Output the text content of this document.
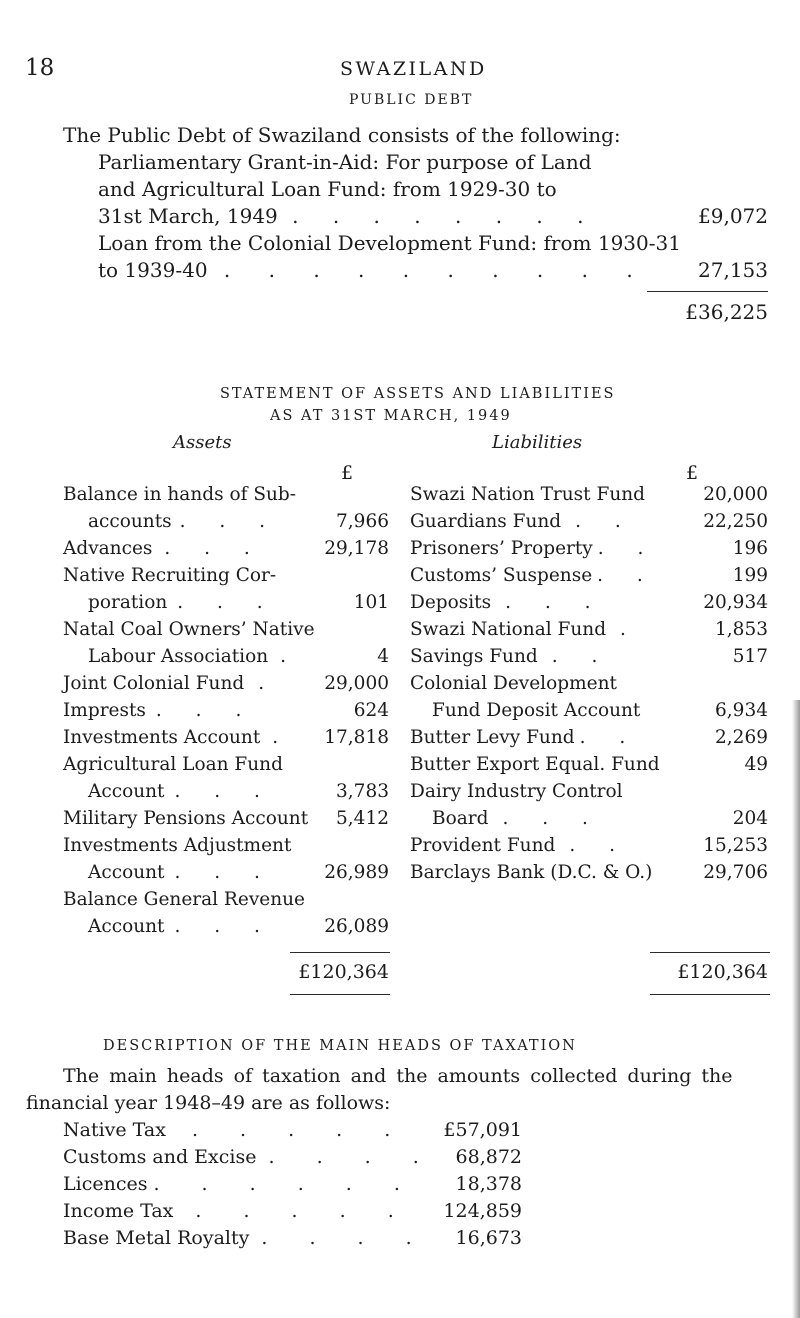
18	SWAZILAND
PUBLIC DEBT
The Public Debt of Swaziland consists of the following:
Parliamentary Grant-in-Aid: For purpose of Land
and Agricultural Loan Fund: from 1929-30 to
31st March, 1949 . . . . . . . .	£9,072
Loan from the Colonial Development Fund: from 1930-31
to 1939-40 . . . . . . . . . .	27,153
£36,225
STATEMENT OF ASSETS AND LIABILITIES
AS AT 31ST MARCH, 1949
Assets	Liabilities
£	£
Balance in hands of Sub-
accounts . . .	7,966
Advances . . .	29,178
Native Recruiting Cor-
poration . . .	101
Natal Coal Owners’ Native
Labour Association .	4
Joint Colonial Fund .	29,000
Imprests . . .	624
Investments Account . 17,818
Agricultural Loan Fund
Account . . .	3,783
Military Pensions Account 5,412
Investments Adjustment
Account . . .	26,989
Balance General Revenue
Account . . .	26,089
Swazi Nation Trust Fund	20,000
Guardians Fund . .	22,250
Prisoners’ Property . .	196
Customs’ Suspense . .	199
Deposits . . .	20,934
Swazi National Fund .	1,853
Savings Fund . .	517
Colonial Development
Fund Deposit Account	6,934
Butter Levy Fund . .	2,269
Butter Export Equal. Fund	49
Dairy Industry Control
Board . . .	204
Provident Fund . .	15,253
Barclays Bank (D.C. & O.)	29,706
£120,364	£120,364
DESCRIPTION OF THE MAIN HEADS OF TAXATION
The main heads of taxation and the amounts collected during the
financial year 1948–49 are as follows:
Native Tax . . . . . £57,091
Customs and Excise . . . . 68,872
Licences . . . . . . 18,378
Income Tax . . . . . 124,859
Base Metal Royalty . . . . 16,673
